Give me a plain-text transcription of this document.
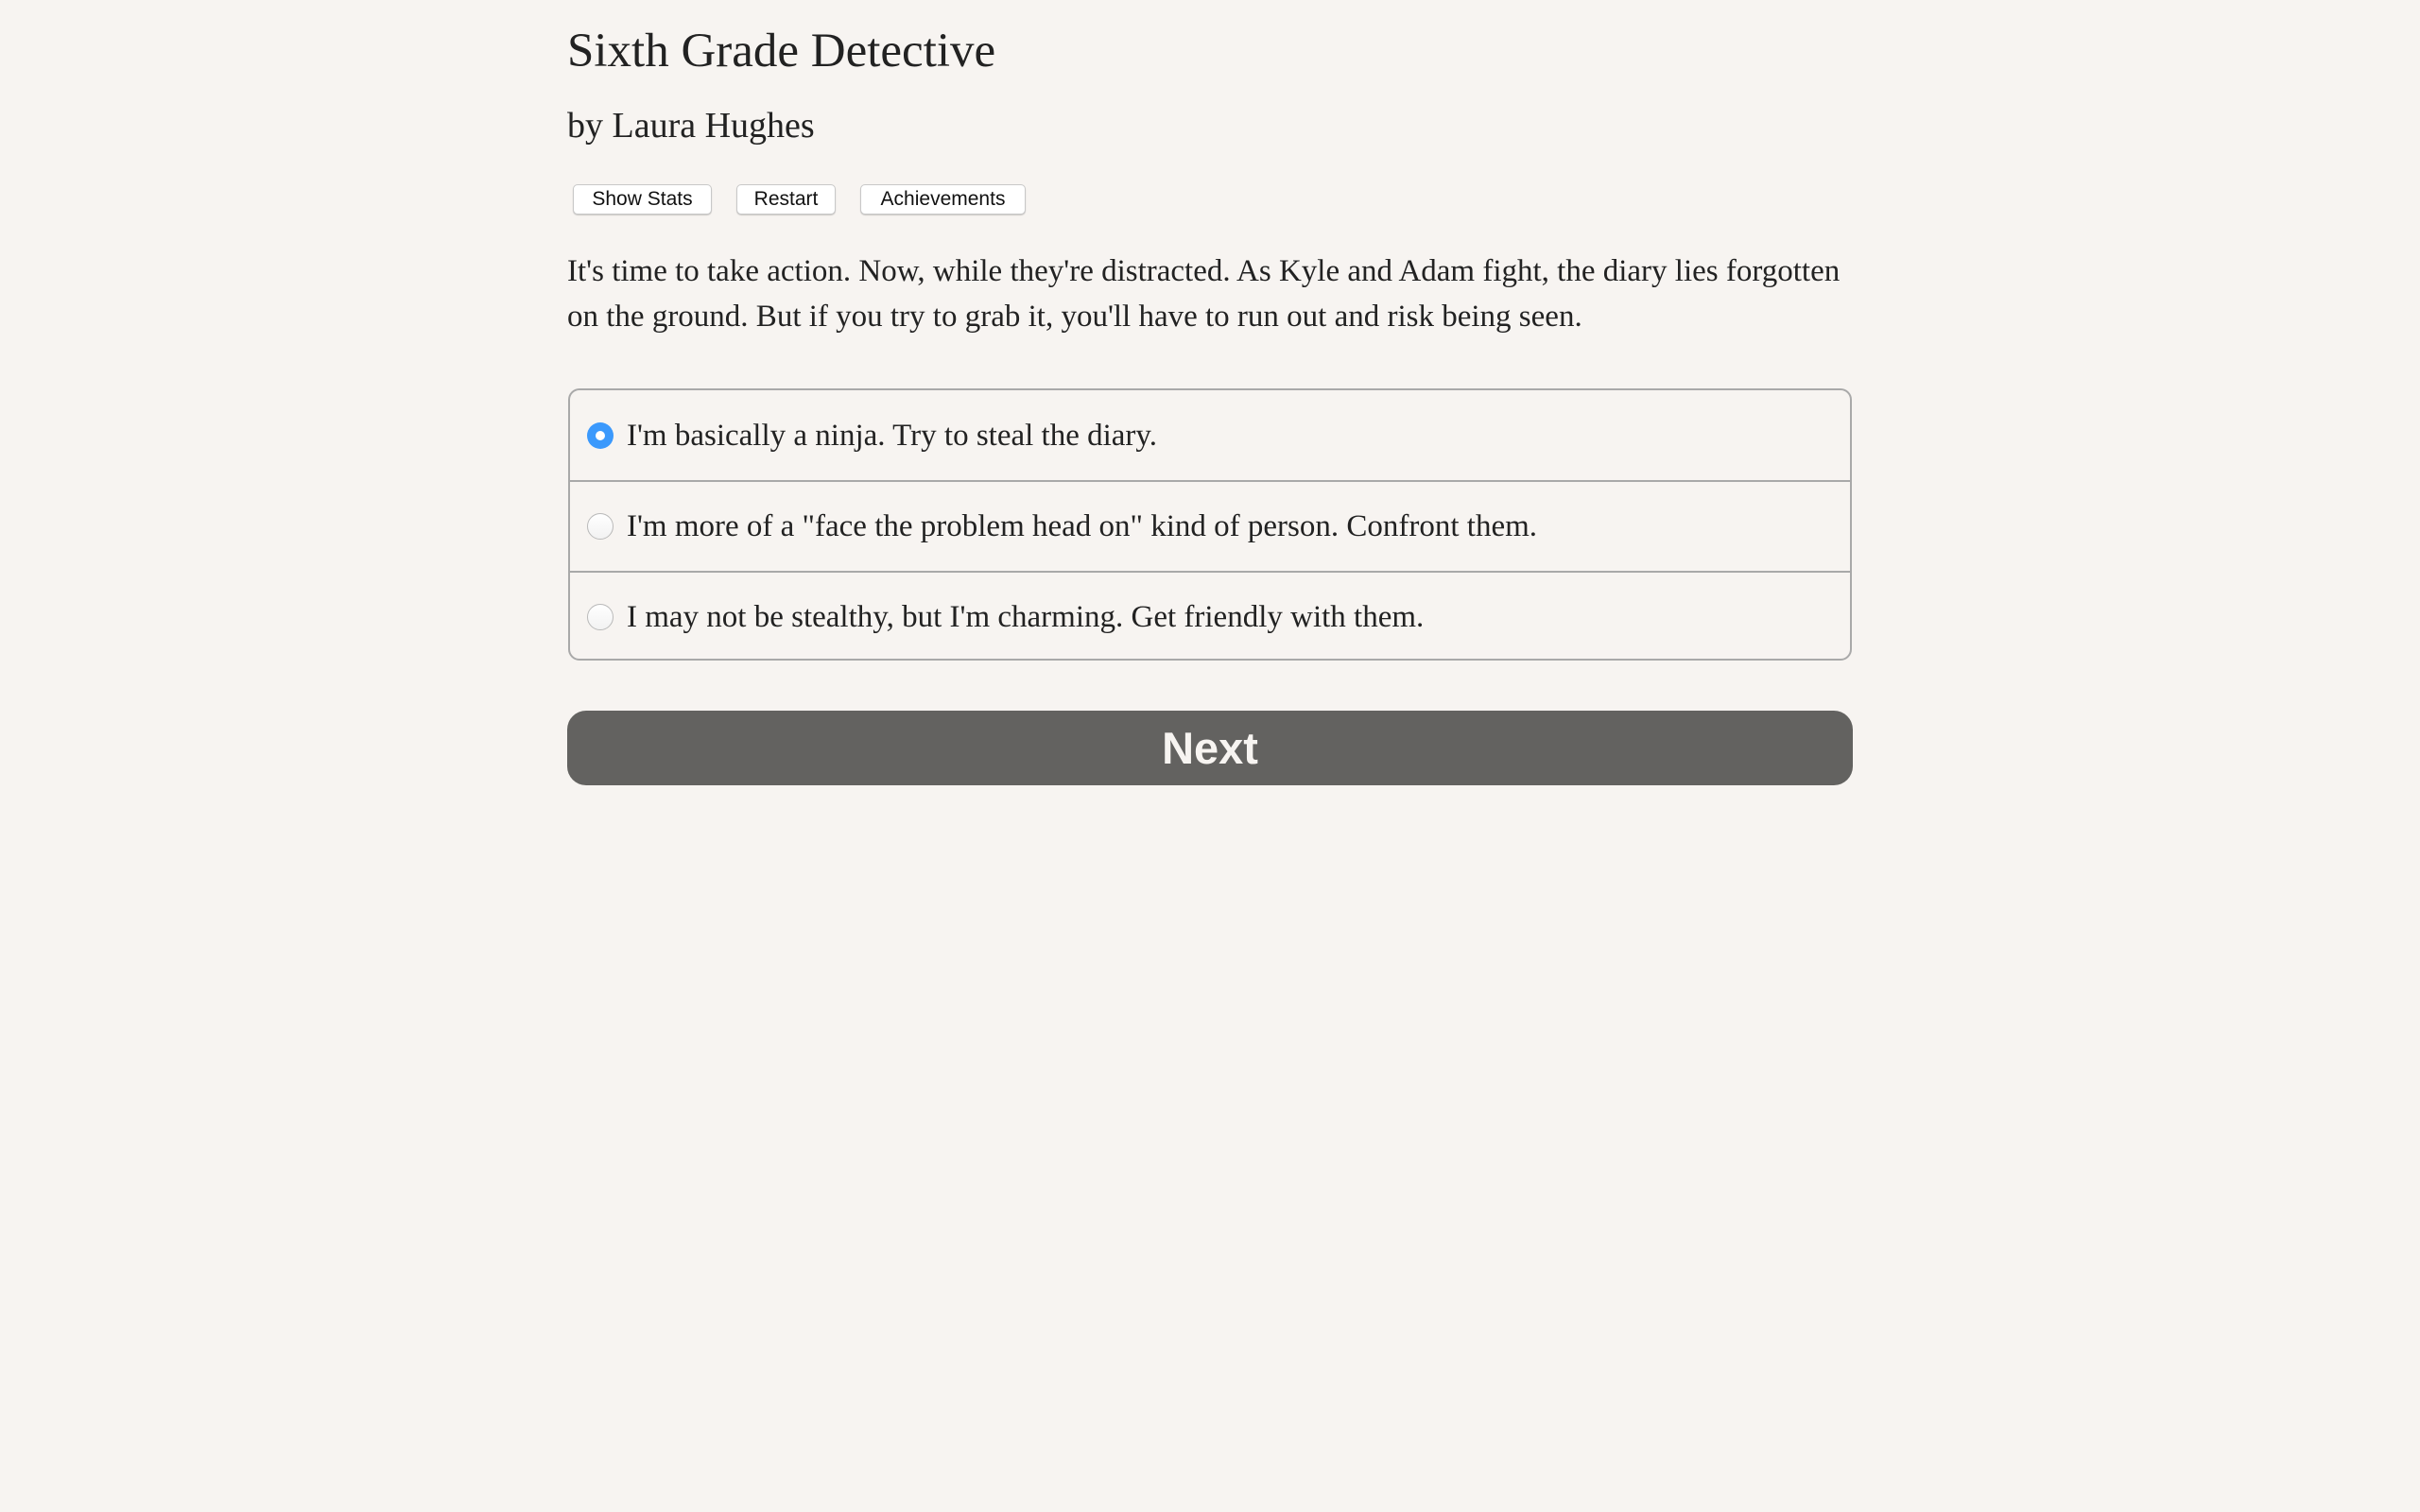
Sixth Grade Detective
by Laura Hughes
Show Stats	Restart	Achievements

It's time to take action. Now, while they're distracted. As Kyle and Adam fight, the diary lies forgotten on the ground. But if you try to grab it, you'll have to run out and risk being seen.

I'm basically a ninja. Try to steal the diary.
I'm more of a "face the problem head on" kind of person. Confront them.
I may not be stealthy, but I'm charming. Get friendly with them.
Next
